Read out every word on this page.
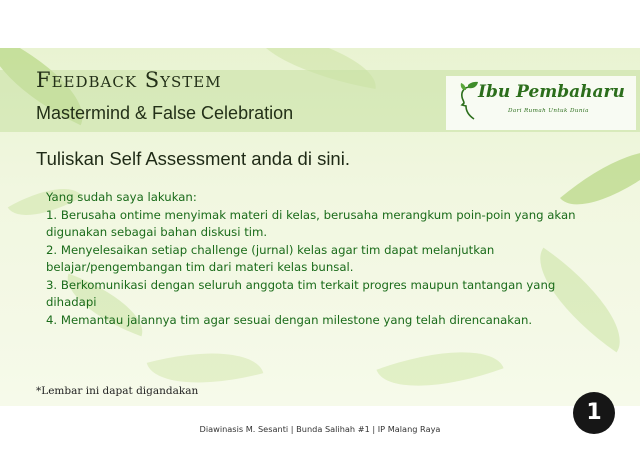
Feedback System
Mastermind & False Celebration
Ibu Pembaharu
Dari Rumah Untuk Dunia
Tuliskan Self Assessment anda di sini.

Yang sudah saya lakukan:

1. Berusaha ontime menyimak materi di kelas, berusaha merangkum poin-poin yang akan digunakan sebagai bahan diskusi tim.

2. Menyelesaikan setiap challenge (jurnal) kelas agar tim dapat melanjutkan belajar/pengembangan tim dari materi kelas bunsal.

3. Berkomunikasi dengan seluruh anggota tim terkait progres maupun tantangan yang dihadapi

4. Memantau jalannya tim agar sesuai dengan milestone yang telah direncanakan.

*Lembar ini dapat digandakan
1
Diawinasis M. Sesanti | Bunda Salihah #1 | IP Malang Raya
